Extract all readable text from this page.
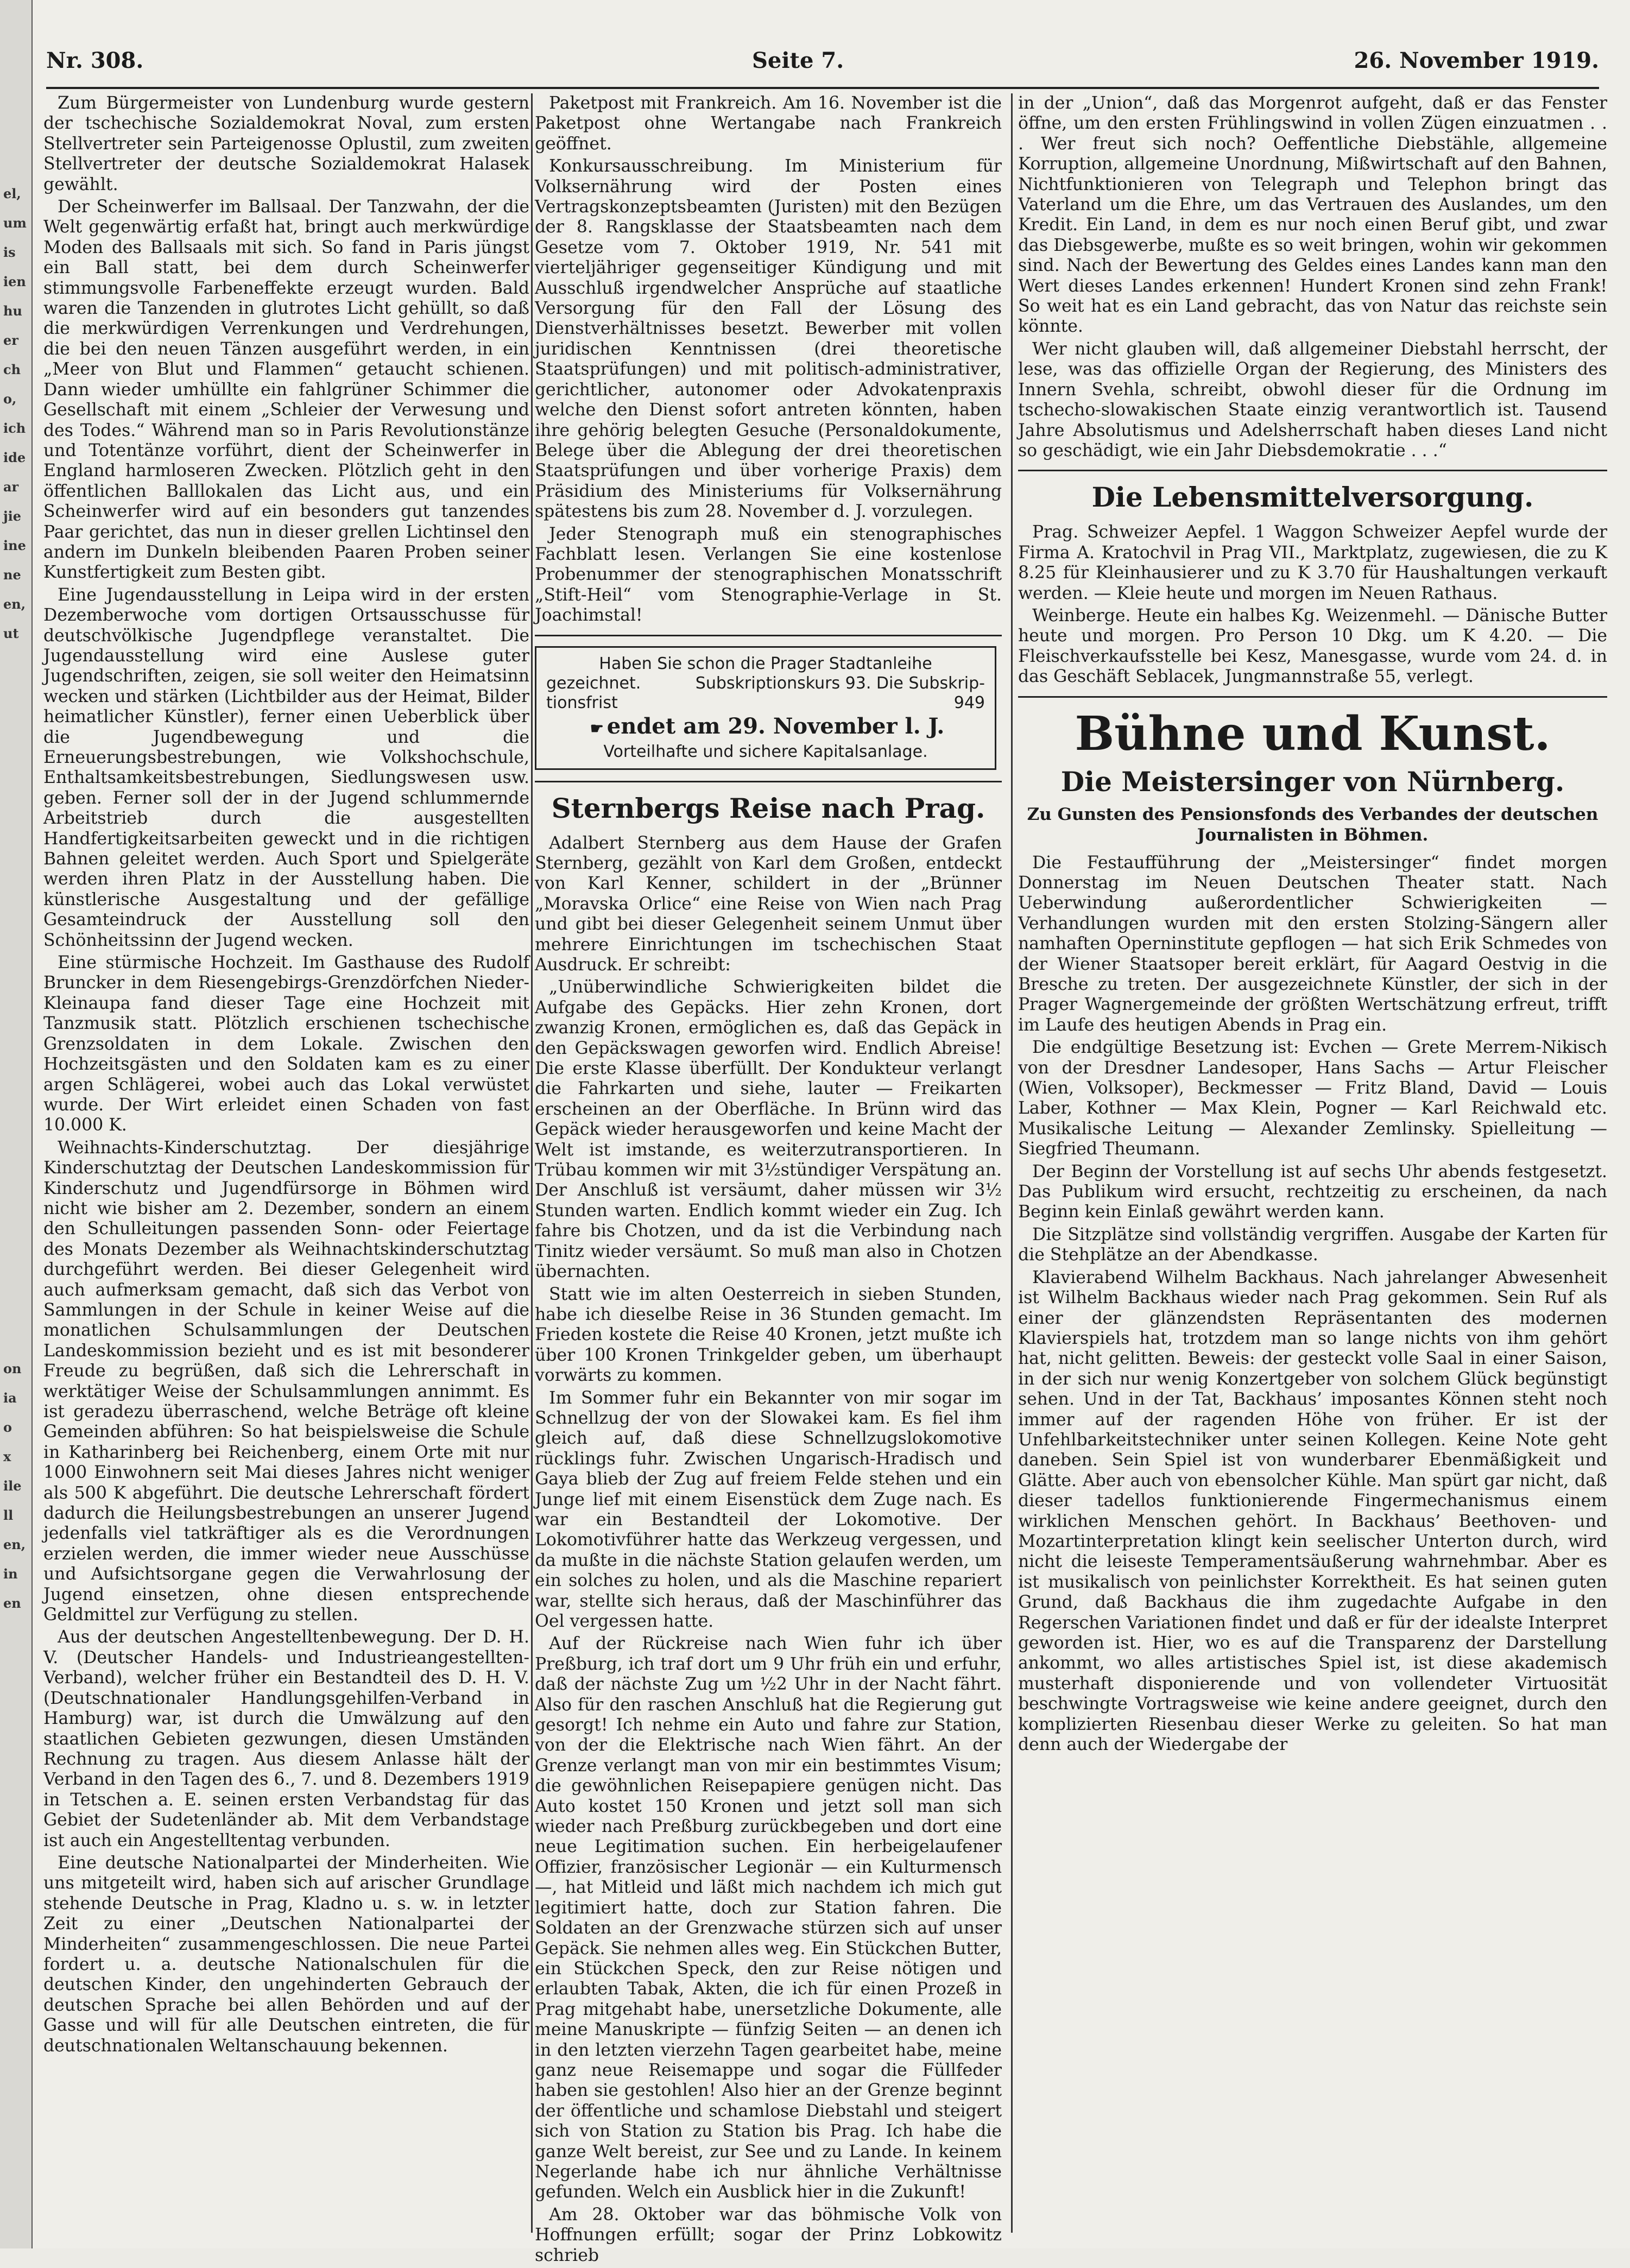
el,

um

is

ien

hu

er

ch

o,

ich

ide

ar

jie

ine

ne

en,

ut

on

ia

o

x

ile

ll

en,

in

en

Nr. 308.	Seite 7.	26. November 1919.

Zum Bürgermeister von Lundenburg wurde gestern der tschechische Sozialdemokrat Noval, zum ersten Stellvertreter sein Parteigenosse Oplustil, zum zweiten Stellvertreter der deutsche Sozialdemokrat Halasek gewählt.

Der Scheinwerfer im Ballsaal. Der Tanzwahn, der die Welt gegenwärtig erfaßt hat, bringt auch merkwürdige Moden des Ballsaals mit sich. So fand in Paris jüngst ein Ball statt, bei dem durch Scheinwerfer stimmungsvolle Farbeneffekte erzeugt wurden. Bald waren die Tanzenden in glutrotes Licht gehüllt, so daß die merkwürdigen Verrenkungen und Verdrehungen, die bei den neuen Tänzen ausgeführt werden, in ein „Meer von Blut und Flammen“ getaucht schienen. Dann wieder umhüllte ein fahlgrüner Schimmer die Gesellschaft mit einem „Schleier der Verwesung und des Todes.“ Während man so in Paris Revolutionstänze und Totentänze vorführt, dient der Scheinwerfer in England harmloseren Zwecken. Plötzlich geht in den öffentlichen Balllokalen das Licht aus, und ein Scheinwerfer wird auf ein besonders gut tanzendes Paar gerichtet, das nun in dieser grellen Lichtinsel den andern im Dunkeln bleibenden Paaren Proben seiner Kunstfertigkeit zum Besten gibt.

Eine Jugendausstellung in Leipa wird in der ersten Dezemberwoche vom dortigen Ortsausschusse für deutschvölkische Jugendpflege veranstaltet. Die Jugendausstellung wird eine Auslese guter Jugendschriften, zeigen, sie soll weiter den Heimatsinn wecken und stärken (Lichtbilder aus der Heimat, Bilder heimatlicher Künstler), ferner einen Ueberblick über die Jugendbewegung und die Erneuerungsbestrebungen, wie Volkshochschule, Enthaltsamkeitsbestrebungen, Siedlungswesen usw. geben. Ferner soll der in der Jugend schlummernde Arbeitstrieb durch die ausgestellten Handfertigkeitsarbeiten geweckt und in die richtigen Bahnen geleitet werden. Auch Sport und Spielgeräte werden ihren Platz in der Ausstellung haben. Die künstlerische Ausgestaltung und der gefällige Gesamteindruck der Ausstellung soll den Schönheitssinn der Jugend wecken.

Eine stürmische Hochzeit. Im Gasthause des Rudolf Bruncker in dem Riesengebirgs-Grenzdörfchen Nieder-Kleinaupa fand dieser Tage eine Hochzeit mit Tanzmusik statt. Plötzlich erschienen tschechische Grenzsoldaten in dem Lokale. Zwischen den Hochzeitsgästen und den Soldaten kam es zu einer argen Schlägerei, wobei auch das Lokal verwüstet wurde. Der Wirt erleidet einen Schaden von fast 10.000 K.

Weihnachts-Kinderschutztag. Der diesjährige Kinderschutztag der Deutschen Landeskommission für Kinderschutz und Jugendfürsorge in Böhmen wird nicht wie bisher am 2. Dezember, sondern an einem den Schulleitungen passenden Sonn- oder Feiertage des Monats Dezember als Weihnachtskinderschutztag durchgeführt werden. Bei dieser Gelegenheit wird auch aufmerksam gemacht, daß sich das Verbot von Sammlungen in der Schule in keiner Weise auf die monatlichen Schulsammlungen der Deutschen Landeskommission bezieht und es ist mit besonderer Freude zu begrüßen, daß sich die Lehrerschaft in werktätiger Weise der Schulsammlungen annimmt. Es ist geradezu überraschend, welche Beträge oft kleine Gemeinden abführen: So hat beispielsweise die Schule in Katharinberg bei Reichenberg, einem Orte mit nur 1000 Einwohnern seit Mai dieses Jahres nicht weniger als 500 K abgeführt. Die deutsche Lehrerschaft fördert dadurch die Heilungsbestrebungen an unserer Jugend jedenfalls viel tatkräftiger als es die Verordnungen erzielen werden, die immer wieder neue Ausschüsse und Aufsichtsorgane gegen die Verwahrlosung der Jugend einsetzen, ohne diesen entsprechende Geldmittel zur Verfügung zu stellen.

Aus der deutschen Angestelltenbewegung. Der D. H. V. (Deutscher Handels- und Industrieangestellten-Verband), welcher früher ein Bestandteil des D. H. V. (Deutschnationaler Handlungsgehilfen-Verband in Hamburg) war, ist durch die Umwälzung auf den staatlichen Gebieten gezwungen, diesen Umständen Rechnung zu tragen. Aus diesem Anlasse hält der Verband in den Tagen des 6., 7. und 8. Dezembers 1919 in Tetschen a. E. seinen ersten Verbandstag für das Gebiet der Sudetenländer ab. Mit dem Verbandstage ist auch ein Angestelltentag verbunden.

Eine deutsche Nationalpartei der Minderheiten. Wie uns mitgeteilt wird, haben sich auf arischer Grundlage stehende Deutsche in Prag, Kladno u. s. w. in letzter Zeit zu einer „Deutschen Nationalpartei der Minderheiten“ zusammengeschlossen. Die neue Partei fordert u. a. deutsche Nationalschulen für die deutschen Kinder, den ungehinderten Gebrauch der deutschen Sprache bei allen Behörden und auf der Gasse und will für alle Deutschen eintreten, die für deutschnationalen Weltanschauung bekennen.

Paketpost mit Frankreich. Am 16. November ist die Paketpost ohne Wertangabe nach Frankreich geöffnet.

Konkursausschreibung. Im Ministerium für Volksernährung wird der Posten eines Vertragskonzeptsbeamten (Juristen) mit den Bezügen der 8. Rangsklasse der Staatsbeamten nach dem Gesetze vom 7. Oktober 1919, Nr. 541 mit vierteljähriger gegenseitiger Kündigung und mit Ausschluß irgendwelcher Ansprüche auf staatliche Versorgung für den Fall der Lösung des Dienstverhältnisses besetzt. Bewerber mit vollen juridischen Kenntnissen (drei theoretische Staatsprüfungen) und mit politisch-administrativer, gerichtlicher, autonomer oder Advokatenpraxis welche den Dienst sofort antreten könnten, haben ihre gehörig belegten Gesuche (Personaldokumente, Belege über die Ablegung der drei theoretischen Staatsprüfungen und über vorherige Praxis) dem Präsidium des Ministeriums für Volksernährung spätestens bis zum 28. November d. J. vorzulegen.

Jeder Stenograph muß ein stenographisches Fachblatt lesen. Verlangen Sie eine kostenlose Probenummer der stenographischen Monatsschrift „Stift-Heil“ vom Stenographie-Verlage in St. Joachimstal!

Haben Sie schon die Prager Stadtanleihe
gezeichnet.	Subskriptionskurs 93. Die Subskrip-
tionsfrist	949
☛ endet am 29. November l. J.
Vorteilhafte und sichere Kapitalsanlage.
Sternbergs Reise nach Prag.

Adalbert Sternberg aus dem Hause der Grafen Sternberg, gezählt von Karl dem Großen, entdeckt von Karl Kenner, schildert in der „Brünner „Moravska Orlice“ eine Reise von Wien nach Prag und gibt bei dieser Gelegenheit seinem Unmut über mehrere Einrichtungen im tschechischen Staat Ausdruck. Er schreibt:

„Unüberwindliche Schwierigkeiten bildet die Aufgabe des Gepäcks. Hier zehn Kronen, dort zwanzig Kronen, ermöglichen es, daß das Gepäck in den Gepäckswagen geworfen wird. Endlich Abreise! Die erste Klasse überfüllt. Der Kondukteur verlangt die Fahrkarten und siehe, lauter — Freikarten erscheinen an der Oberfläche. In Brünn wird das Gepäck wieder herausgeworfen und keine Macht der Welt ist imstande, es weiterzutransportieren. In Trübau kommen wir mit 3½stündiger Verspätung an. Der Anschluß ist versäumt, daher müssen wir 3½ Stunden warten. Endlich kommt wieder ein Zug. Ich fahre bis Chotzen, und da ist die Verbindung nach Tinitz wieder versäumt. So muß man also in Chotzen übernachten.

Statt wie im alten Oesterreich in sieben Stunden, habe ich dieselbe Reise in 36 Stunden gemacht. Im Frieden kostete die Reise 40 Kronen, jetzt mußte ich über 100 Kronen Trinkgelder geben, um überhaupt vorwärts zu kommen.

Im Sommer fuhr ein Bekannter von mir sogar im Schnellzug der von der Slowakei kam. Es fiel ihm gleich auf, daß diese Schnellzugslokomotive rücklings fuhr. Zwischen Ungarisch-Hradisch und Gaya blieb der Zug auf freiem Felde stehen und ein Junge lief mit einem Eisenstück dem Zuge nach. Es war ein Bestandteil der Lokomotive. Der Lokomotivführer hatte das Werkzeug vergessen, und da mußte in die nächste Station gelaufen werden, um ein solches zu holen, und als die Maschine repariert war, stellte sich heraus, daß der Maschinführer das Oel vergessen hatte.

Auf der Rückreise nach Wien fuhr ich über Preßburg, ich traf dort um 9 Uhr früh ein und erfuhr, daß der nächste Zug um ½2 Uhr in der Nacht fährt. Also für den raschen Anschluß hat die Regierung gut gesorgt! Ich nehme ein Auto und fahre zur Station, von der die Elektrische nach Wien fährt. An der Grenze verlangt man von mir ein bestimmtes Visum; die gewöhnlichen Reisepapiere genügen nicht. Das Auto kostet 150 Kronen und jetzt soll man sich wieder nach Preßburg zurückbegeben und dort eine neue Legitimation suchen. Ein herbeigelaufener Offizier, französischer Legionär — ein Kulturmensch —, hat Mitleid und läßt mich nachdem ich mich gut legitimiert hatte, doch zur Station fahren. Die Soldaten an der Grenzwache stürzen sich auf unser Gepäck. Sie nehmen alles weg. Ein Stückchen Butter, ein Stückchen Speck, den zur Reise nötigen und erlaubten Tabak, Akten, die ich für einen Prozeß in Prag mitgehabt habe, unersetzliche Dokumente, alle meine Manuskripte — fünfzig Seiten — an denen ich in den letzten vierzehn Tagen gearbeitet habe, meine ganz neue Reisemappe und sogar die Füllfeder haben sie gestohlen! Also hier an der Grenze beginnt der öffentliche und schamlose Diebstahl und steigert sich von Station zu Station bis Prag. Ich habe die ganze Welt bereist, zur See und zu Lande. In keinem Negerlande habe ich nur ähnliche Verhältnisse gefunden. Welch ein Ausblick hier in die Zukunft!

Am 28. Oktober war das böhmische Volk von Hoffnungen erfüllt; sogar der Prinz Lobkowitz schrieb

in der „Union“, daß das Morgenrot aufgeht, daß er das Fenster öffne, um den ersten Frühlingswind in vollen Zügen einzuatmen . . . Wer freut sich noch? Oeffentliche Diebstähle, allgemeine Korruption, allgemeine Unordnung, Mißwirtschaft auf den Bahnen, Nichtfunktionieren von Telegraph und Telephon bringt das Vaterland um die Ehre, um das Vertrauen des Auslandes, um den Kredit. Ein Land, in dem es nur noch einen Beruf gibt, und zwar das Diebsgewerbe, mußte es so weit bringen, wohin wir gekommen sind. Nach der Bewertung des Geldes eines Landes kann man den Wert dieses Landes erkennen! Hundert Kronen sind zehn Frank! So weit hat es ein Land gebracht, das von Natur das reichste sein könnte.

Wer nicht glauben will, daß allgemeiner Diebstahl herrscht, der lese, was das offizielle Organ der Regierung, des Ministers des Innern Svehla, schreibt, obwohl dieser für die Ordnung im tschecho-slowakischen Staate einzig verantwortlich ist. Tausend Jahre Absolutismus und Adelsherrschaft haben dieses Land nicht so geschädigt, wie ein Jahr Diebsdemokratie . . .“

Die Lebensmittelversorgung.

Prag. Schweizer Aepfel. 1 Waggon Schweizer Aepfel wurde der Firma A. Kratochvil in Prag VII., Marktplatz, zugewiesen, die zu K 8.25 für Kleinhausierer und zu K 3.70 für Haushaltungen verkauft werden. — Kleie heute und morgen im Neuen Rathaus.

Weinberge. Heute ein halbes Kg. Weizenmehl. — Dänische Butter heute und morgen. Pro Person 10 Dkg. um K 4.20. — Die Fleischverkaufsstelle bei Kesz, Manesgasse, wurde vom 24. d. in das Geschäft Seblacek, Jungmannstraße 55, verlegt.

Bühne und Kunst.
Die Meistersinger von Nürnberg.
Zu Gunsten des Pensionsfonds des Verbandes der deutschen Journalisten in Böhmen.

Die Festaufführung der „Meistersinger“ findet morgen Donnerstag im Neuen Deutschen Theater statt. Nach Ueberwindung außerordentlicher Schwierigkeiten — Verhandlungen wurden mit den ersten Stolzing-Sängern aller namhaften Operninstitute gepflogen — hat sich Erik Schmedes von der Wiener Staatsoper bereit erklärt, für Aagard Oestvig in die Bresche zu treten. Der ausgezeichnete Künstler, der sich in der Prager Wagnergemeinde der größten Wertschätzung erfreut, trifft im Laufe des heutigen Abends in Prag ein.

Die endgültige Besetzung ist: Evchen — Grete Merrem-Nikisch von der Dresdner Landesoper, Hans Sachs — Artur Fleischer (Wien, Volksoper), Beckmesser — Fritz Bland, David — Louis Laber, Kothner — Max Klein, Pogner — Karl Reichwald etc. Musikalische Leitung — Alexander Zemlinsky. Spielleitung — Siegfried Theumann.

Der Beginn der Vorstellung ist auf sechs Uhr abends festgesetzt. Das Publikum wird ersucht, rechtzeitig zu erscheinen, da nach Beginn kein Einlaß gewährt werden kann.

Die Sitzplätze sind vollständig vergriffen. Ausgabe der Karten für die Stehplätze an der Abendkasse.

Klavierabend Wilhelm Backhaus. Nach jahrelanger Abwesenheit ist Wilhelm Backhaus wieder nach Prag gekommen. Sein Ruf als einer der glänzendsten Repräsentanten des modernen Klavierspiels hat, trotzdem man so lange nichts von ihm gehört hat, nicht gelitten. Beweis: der gesteckt volle Saal in einer Saison, in der sich nur wenig Konzertgeber von solchem Glück begünstigt sehen. Und in der Tat, Backhaus’ imposantes Können steht noch immer auf der ragenden Höhe von früher. Er ist der Unfehlbarkeitstechniker unter seinen Kollegen. Keine Note geht daneben. Sein Spiel ist von wunderbarer Ebenmäßigkeit und Glätte. Aber auch von ebensolcher Kühle. Man spürt gar nicht, daß dieser tadellos funktionierende Fingermechanismus einem wirklichen Menschen gehört. In Backhaus’ Beethoven- und Mozartinterpretation klingt kein seelischer Unterton durch, wird nicht die leiseste Temperamentsäußerung wahrnehmbar. Aber es ist musikalisch von peinlichster Korrektheit. Es hat seinen guten Grund, daß Backhaus die ihm zugedachte Aufgabe in den Regerschen Variationen findet und daß er für der idealste Interpret geworden ist. Hier, wo es auf die Transparenz der Darstellung ankommt, wo alles artistisches Spiel ist, ist diese akademisch musterhaft disponierende und von vollendeter Virtuosität beschwingte Vortragsweise wie keine andere geeignet, durch den komplizierten Riesenbau dieser Werke zu geleiten. So hat man denn auch der Wiedergabe der
